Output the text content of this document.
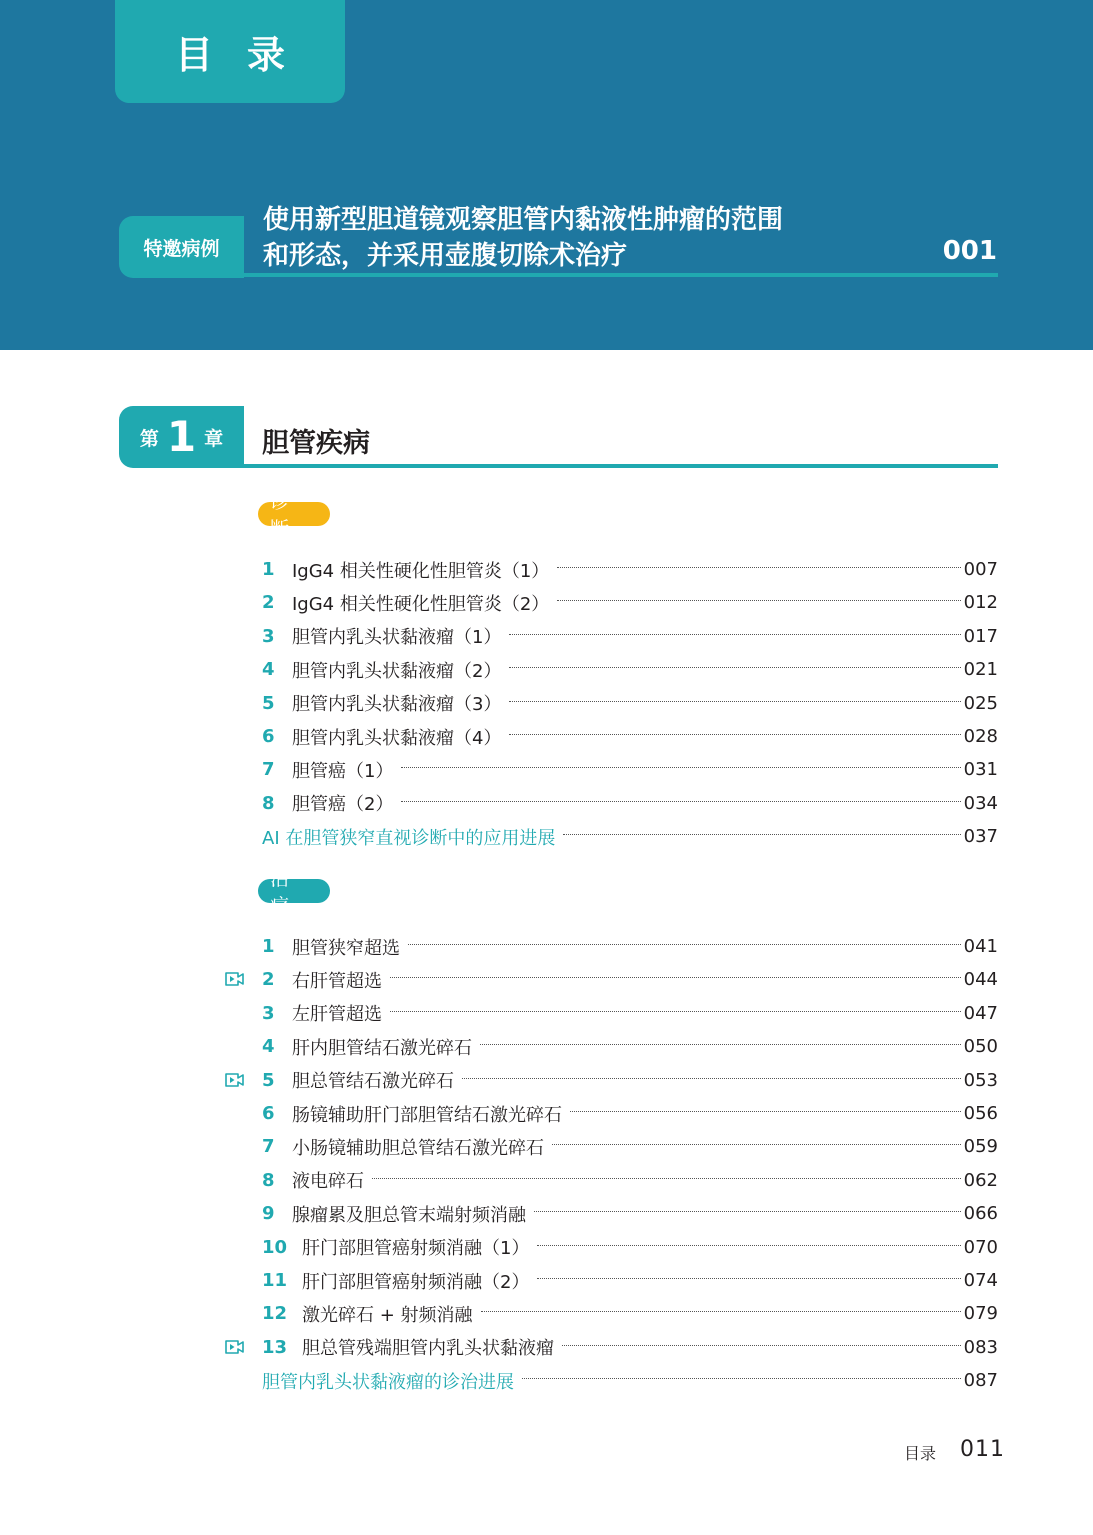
目录
特邀病例
使用新型胆道镜观察胆管内黏液性肿瘤的范围
和形态，并采用壶腹切除术治疗	001
第 1 章 胆管疾病
诊断
1 IgG4 相关性硬化性胆管炎（1）	007
2 IgG4 相关性硬化性胆管炎（2）	012
3 胆管内乳头状黏液瘤（1）	017
4 胆管内乳头状黏液瘤（2）	021
5 胆管内乳头状黏液瘤（3）	025
6 胆管内乳头状黏液瘤（4）	028
7 胆管癌（1）	031
8 胆管癌（2）	034
AI 在胆管狭窄直视诊断中的应用进展	037
治疗
1 胆管狭窄超选	041
2 右肝管超选	044
3 左肝管超选	047
4 肝内胆管结石激光碎石	050
5 胆总管结石激光碎石	053
6 肠镜辅助肝门部胆管结石激光碎石	056
7 小肠镜辅助胆总管结石激光碎石	059
8 液电碎石	062
9 腺瘤累及胆总管末端射频消融	066
10 肝门部胆管癌射频消融（1）	070
11 肝门部胆管癌射频消融（2）	074
12 激光碎石 + 射频消融	079
13 胆总管残端胆管内乳头状黏液瘤	083
胆管内乳头状黏液瘤的诊治进展	087
目录 011
